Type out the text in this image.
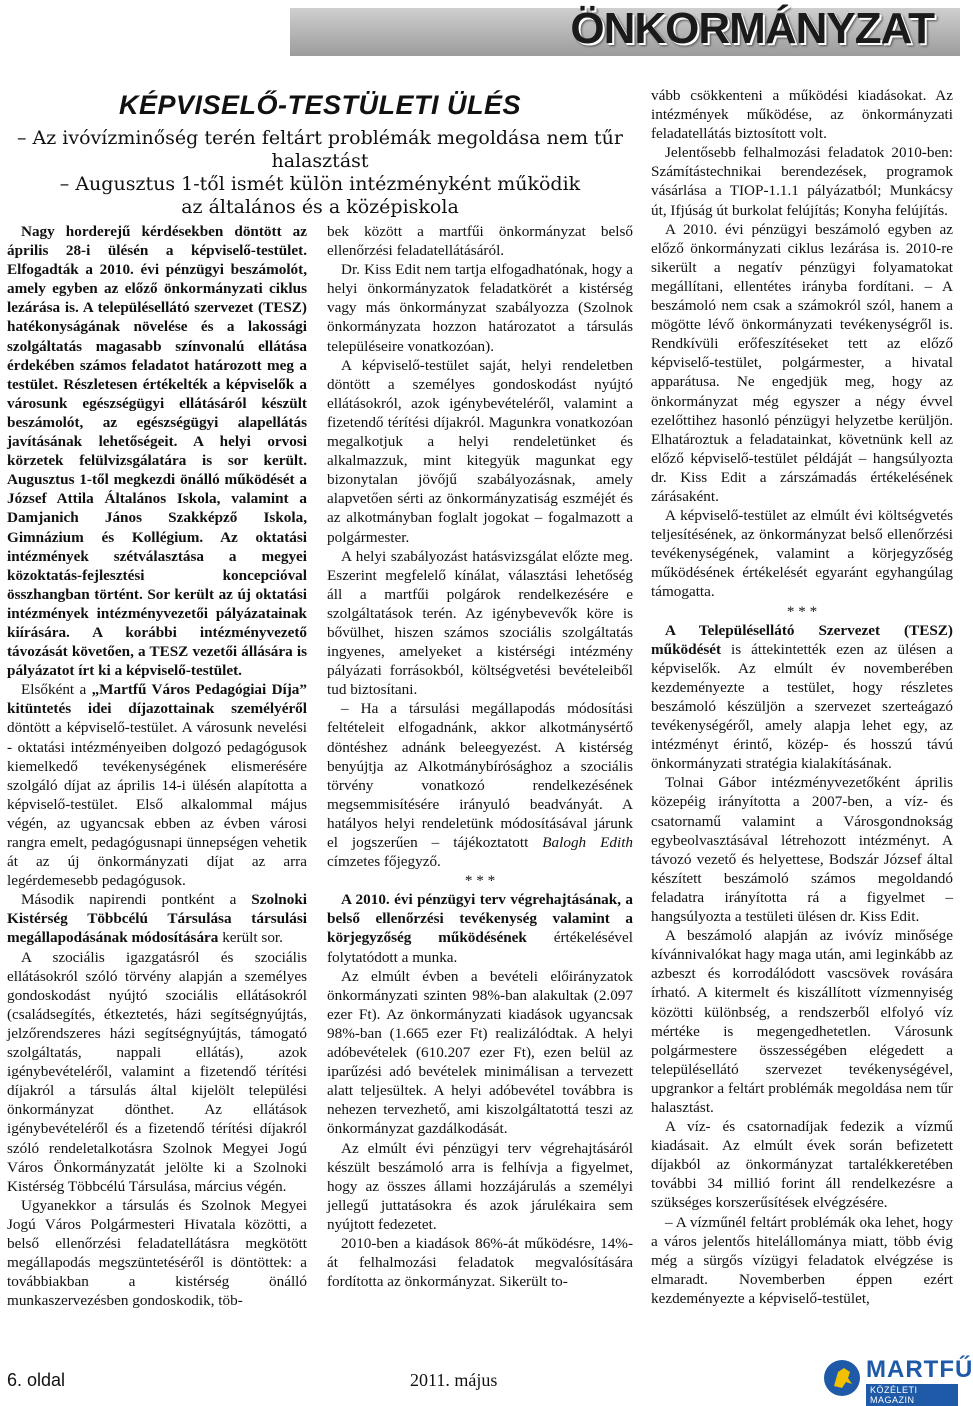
ÖNKORMÁNYZAT
KÉPVISELŐ-TESTÜLETI ÜLÉS
– Az ivóvízminőség terén feltárt problémák megoldása nem tűr halasztást
– Augusztus 1-től ismét külön intézményként működik
az általános és a középiskola

Nagy horderejű kérdésekben döntött az április 28-i ülésén a képviselő-testület. Elfogadták a 2010. évi pénzügyi beszámolót, amely egyben az előző önkormányzati ciklus lezárása is. A településellátó szervezet (TESZ) hatékonyságának növelése és a lakossági szolgáltatás magasabb színvonalú ellátása érdekében számos feladatot határozott meg a testület. Részletesen értékelték a képviselők a városunk egészségügyi ellátásáról készült beszámolót, az egészségügyi alapellátás javításának lehetőségeit. A helyi orvosi körzetek felülvizsgálatára is sor került. Augusztus 1-től megkezdi önálló működését a József Attila Általános Iskola, valamint a Damjanich János Szakképző Iskola, Gimnázium és Kollégium. Az oktatási intézmények szétválasztása a megyei közoktatás-fejlesztési koncepcióval összhangban történt. Sor került az új oktatási intézmények intézményvezetői pályázatainak kiírására. A korábbi intézményvezető távozását követően, a TESZ vezetői állására is pályázatot írt ki a képviselő-testület.

Elsőként a „Martfű Város Pedagógiai Díja” kitüntetés idei díjazottainak személyéről döntött a képviselő-testület. A városunk nevelési - oktatási intézményeiben dolgozó pedagógusok kiemelkedő tevékenységének elismerésére szolgáló díjat az április 14-i ülésén alapította a képviselő-testület. Első alkalommal május végén, az ugyancsak ebben az évben városi rangra emelt, pedagógusnapi ünnepségen vehetik át az új önkormányzati díjat az arra legérdemesebb pedagógusok.

Második napirendi pontként a Szolnoki Kistérség Többcélú Társulása társulási megállapodásának módosítására került sor.

A szociális igazgatásról és szociális ellátásokról szóló törvény alapján a személyes gondoskodást nyújtó szociális ellátásokról (családsegítés, étkeztetés, házi segítségnyújtás, jelzőrendszeres házi segítségnyújtás, támogató szolgáltatás, nappali ellátás), azok igénybevételéről, valamint a fizetendő térítési díjakról a társulás által kijelölt települési önkormányzat dönthet. Az ellátások igénybevételéről és a fizetendő térítési díjakról szóló rendeletalkotásra Szolnok Megyei Jogú Város Önkormányzatát jelölte ki a Szolnoki Kistérség Többcélú Társulása, március végén.

Ugyanekkor a társulás és Szolnok Megyei Jogú Város Polgármesteri Hivatala közötti, a belső ellenőrzési feladatellátásra megkötött megállapodás megszüntetéséről is döntöttek: a továbbiakban a kistérség önálló munkaszervezésben gondoskodik, töb-

bek között a martfűi önkormányzat belső ellenőrzési feladatellátásáról.

Dr. Kiss Edit nem tartja elfogadhatónak, hogy a helyi önkormányzatok feladatkörét a kistérség vagy más önkormányzat szabályozza (Szolnok önkormányzata hozzon határozatot a társulás településeire vonatkozóan).

A képviselő-testület saját, helyi rendeletben döntött a személyes gondoskodást nyújtó ellátásokról, azok igénybevételéről, valamint a fizetendő térítési díjakról. Magunkra vonatkozóan megalkotjuk a helyi rendeletünket és alkalmazzuk, mint kitegyük magunkat egy bizonytalan jövőjű szabályozásnak, amely alapvetően sérti az önkormányzatiság eszméjét és az alkotmányban foglalt jogokat – fogalmazott a polgármester.

A helyi szabályozást hatásvizsgálat előzte meg. Eszerint megfelelő kínálat, választási lehetőség áll a martfűi polgárok rendelkezésére e szolgáltatások terén. Az igénybevevők köre is bővülhet, hiszen számos szociális szolgáltatás ingyenes, amelyeket a kistérségi intézmény pályázati forrásokból, költségvetési bevételeiből tud biztosítani.

– Ha a társulási megállapodás módosítási feltételeit elfogadnánk, akkor alkotmánysértő döntéshez adnánk beleegyezést. A kistérség benyújtja az Alkotmánybírósághoz a szociális törvény vonatkozó rendelkezésének megsemmisítésére irányuló beadványát. A hatályos helyi rendeletünk módosításával járunk el jogszerűen – tájékoztatott Balogh Edith címzetes főjegyző.

* * *

A 2010. évi pénzügyi terv végrehajtásának, a belső ellenőrzési tevékenység valamint a körjegyzőség működésének értékelésével folytatódott a munka.

Az elmúlt évben a bevételi előirányzatok önkormányzati szinten 98%-ban alakultak (2.097 ezer Ft). Az önkormányzati kiadások ugyancsak 98%-ban (1.665 ezer Ft) realizálódtak. A helyi adóbevételek (610.207 ezer Ft), ezen belül az iparűzési adó bevételek minimálisan a tervezett alatt teljesültek. A helyi adóbevétel továbbra is nehezen tervezhető, ami kiszolgáltatottá teszi az önkormányzat gazdálkodását.

Az elmúlt évi pénzügyi terv végrehajtásáról készült beszámoló arra is felhívja a figyelmet, hogy az összes állami hozzájárulás a személyi jellegű juttatásokra és azok járulékaira sem nyújtott fedezetet.

2010-ben a kiadások 86%-át működésre, 14%-át felhalmozási feladatok megvalósítására fordította az önkormányzat. Sikerült to-

vább csökkenteni a működési kiadásokat. Az intézmények működése, az önkormányzati feladatellátás biztosított volt.

Jelentősebb felhalmozási feladatok 2010-ben: Számítástechnikai berendezések, programok vásárlása a TIOP-1.1.1 pályázatból; Munkácsy út, Ifjúság út burkolat felújítás; Konyha felújítás.

A 2010. évi pénzügyi beszámoló egyben az előző önkormányzati ciklus lezárása is. 2010-re sikerült a negatív pénzügyi folyamatokat megállítani, ellentétes irányba fordítani. – A beszámoló nem csak a számokról szól, hanem a mögötte lévő önkormányzati tevékenységről is. Rendkívüli erőfeszítéseket tett az előző képviselő-testület, polgármester, a hivatal apparátusa. Ne engedjük meg, hogy az önkormányzat még egyszer a négy évvel ezelőttihez hasonló pénzügyi helyzetbe kerüljön. Elhatároztuk a feladatainkat, követnünk kell az előző képviselő-testület példáját – hangsúlyozta dr. Kiss Edit a zárszámadás értékelésének zárásaként.

A képviselő-testület az elmúlt évi költségvetés teljesítésének, az önkormányzat belső ellenőrzési tevékenységének, valamint a körjegyzőség működésének értékelését egyaránt egyhangúlag támogatta.

* * *

A Településellátó Szervezet (TESZ) működését is áttekintették ezen az ülésen a képviselők. Az elmúlt év novemberében kezdeményezte a testület, hogy részletes beszámoló készüljön a szervezet szerteágazó tevékenységéről, amely alapja lehet egy, az intézményt érintő, közép- és hosszú távú önkormányzati stratégia kialakításának.

Tolnai Gábor intézményvezetőként április közepéig irányította a 2007-ben, a víz- és csatornamű valamint a Városgondnokság egybeolvasztásával létrehozott intézményt. A távozó vezető és helyettese, Bodszár József által készített beszámoló számos megoldandó feladatra irányította rá a figyelmet – hangsúlyozta a testületi ülésen dr. Kiss Edit.

A beszámoló alapján az ivóvíz minősége kívánnivalókat hagy maga után, ami leginkább az azbeszt és korrodálódott vascsövek rovására írható. A kitermelt és kiszállított vízmennyiség közötti különbség, a rendszerből elfolyó víz mértéke is megengedhetetlen. Városunk polgármestere összességében elégedett a településellátó szervezet tevékenységével, upgrankor a feltárt problémák megoldása nem tűr halasztást.

A víz- és csatornadíjak fedezik a vízmű kiadásait. Az elmúlt évek során befizetett díjakból az önkormányzat tartalékkeretében további 34 millió forint áll rendelkezésre a szükséges korszerűsítések elvégzésére.

– A vízműnél feltárt problémák oka lehet, hogy a város jelentős hitelállománya miatt, több évig még a sürgős vízügyi feladatok elvégzése is elmaradt. Novemberben éppen ezért kezdeményezte a képviselő-testület,

6. oldal	2011. május	MARTFŰ
KÖZÉLETI MAGAZIN
